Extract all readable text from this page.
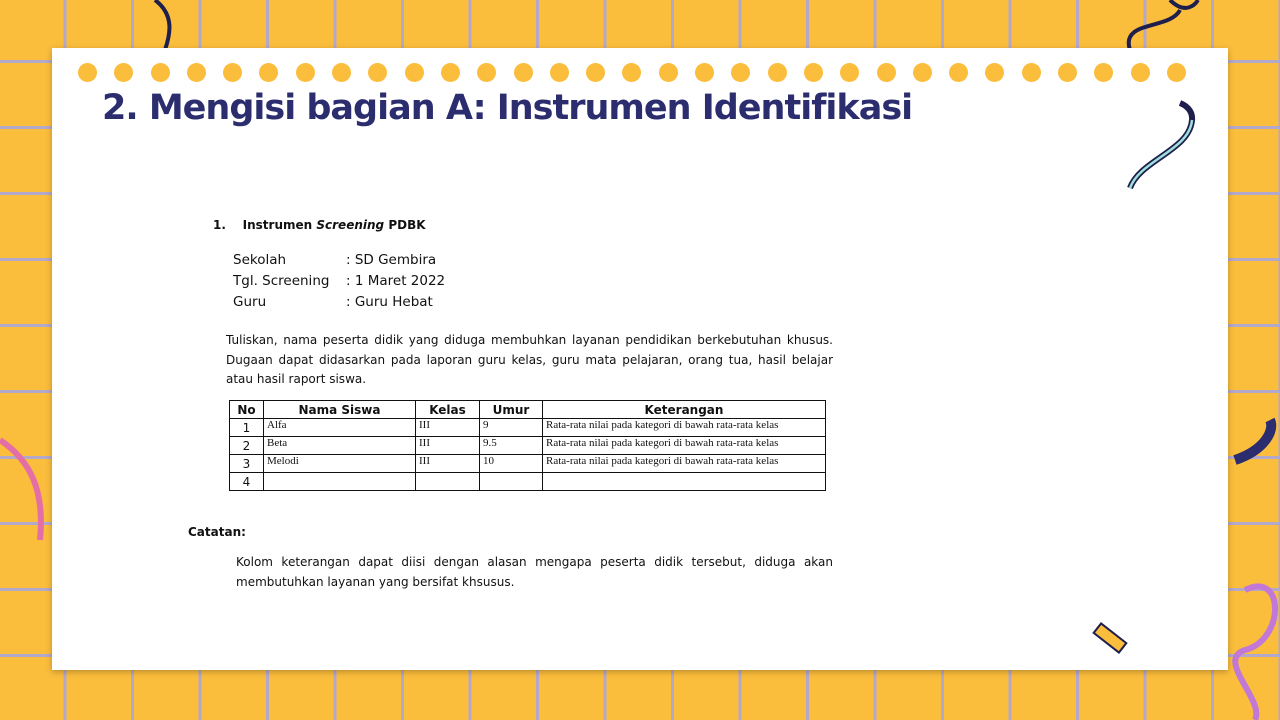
2. Mengisi bagian A: Instrumen Identifikasi
1. Instrumen Screening PDBK
Sekolah	: SD Gembira
Tgl. Screening	: 1 Maret 2022
Guru	: Guru Hebat
Tuliskan, nama peserta didik yang diduga membuhkan layanan pendidikan berkebutuhan khusus. Dugaan dapat didasarkan pada laporan guru kelas, guru mata pelajaran, orang tua, hasil belajar atau hasil raport siswa.
No	Nama Siswa	Kelas	Umur	Keterangan
1	Alfa	III	9	Rata-rata nilai pada kategori di bawah rata-rata kelas
2	Beta	III	9.5	Rata-rata nilai pada kategori di bawah rata-rata kelas
3	Melodi	III	10	Rata-rata nilai pada kategori di bawah rata-rata kelas
4				
Catatan:
Kolom keterangan dapat diisi dengan alasan mengapa peserta didik tersebut, diduga akan membutuhkan layanan yang bersifat khsusus.
